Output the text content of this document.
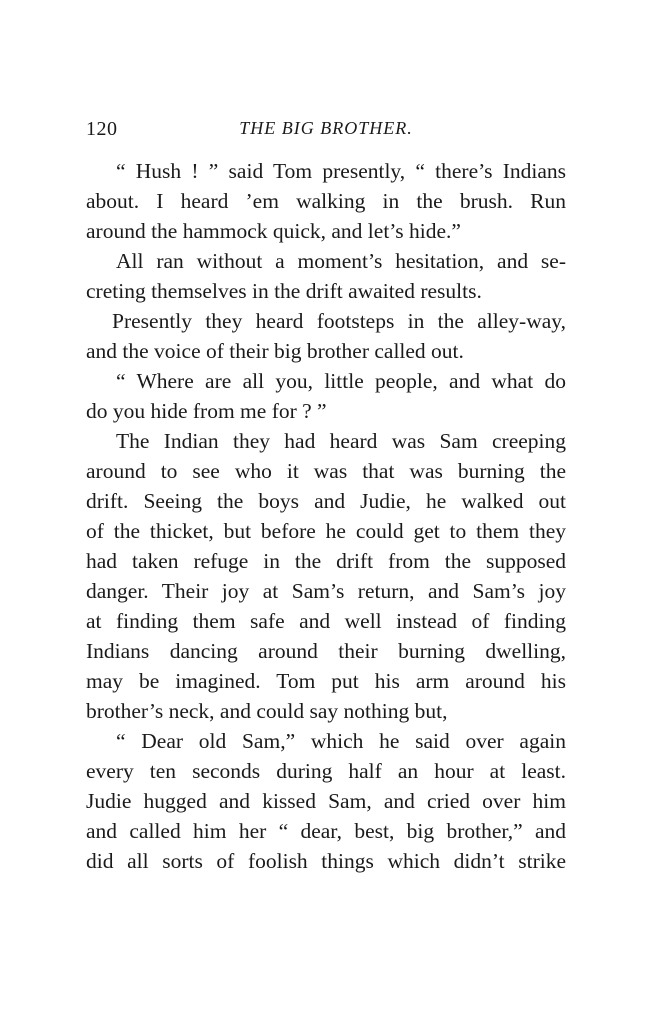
120	THE BIG BROTHER.
“ Hush ! ” said Tom presently, “ there’s Indians
about. I heard ’em walking in the brush. Run
around the hammock quick, and let’s hide.”
All ran without a moment’s hesitation, and se-
creting themselves in the drift awaited results.
Presently they heard footsteps in the alley-way,
and the voice of their big brother called out.
“ Where are all you, little people, and what do
do you hide from me for ? ”
The Indian they had heard was Sam creeping
around to see who it was that was burning the
drift. Seeing the boys and Judie, he walked out
of the thicket, but before he could get to them they
had taken refuge in the drift from the supposed
danger. Their joy at Sam’s return, and Sam’s joy
at finding them safe and well instead of finding
Indians dancing around their burning dwelling,
may be imagined. Tom put his arm around his
brother’s neck, and could say nothing but,
“ Dear old Sam,” which he said over again
every ten seconds during half an hour at least.
Judie hugged and kissed Sam, and cried over him
and called him her “ dear, best, big brother,” and
did all sorts of foolish things which didn’t strike
